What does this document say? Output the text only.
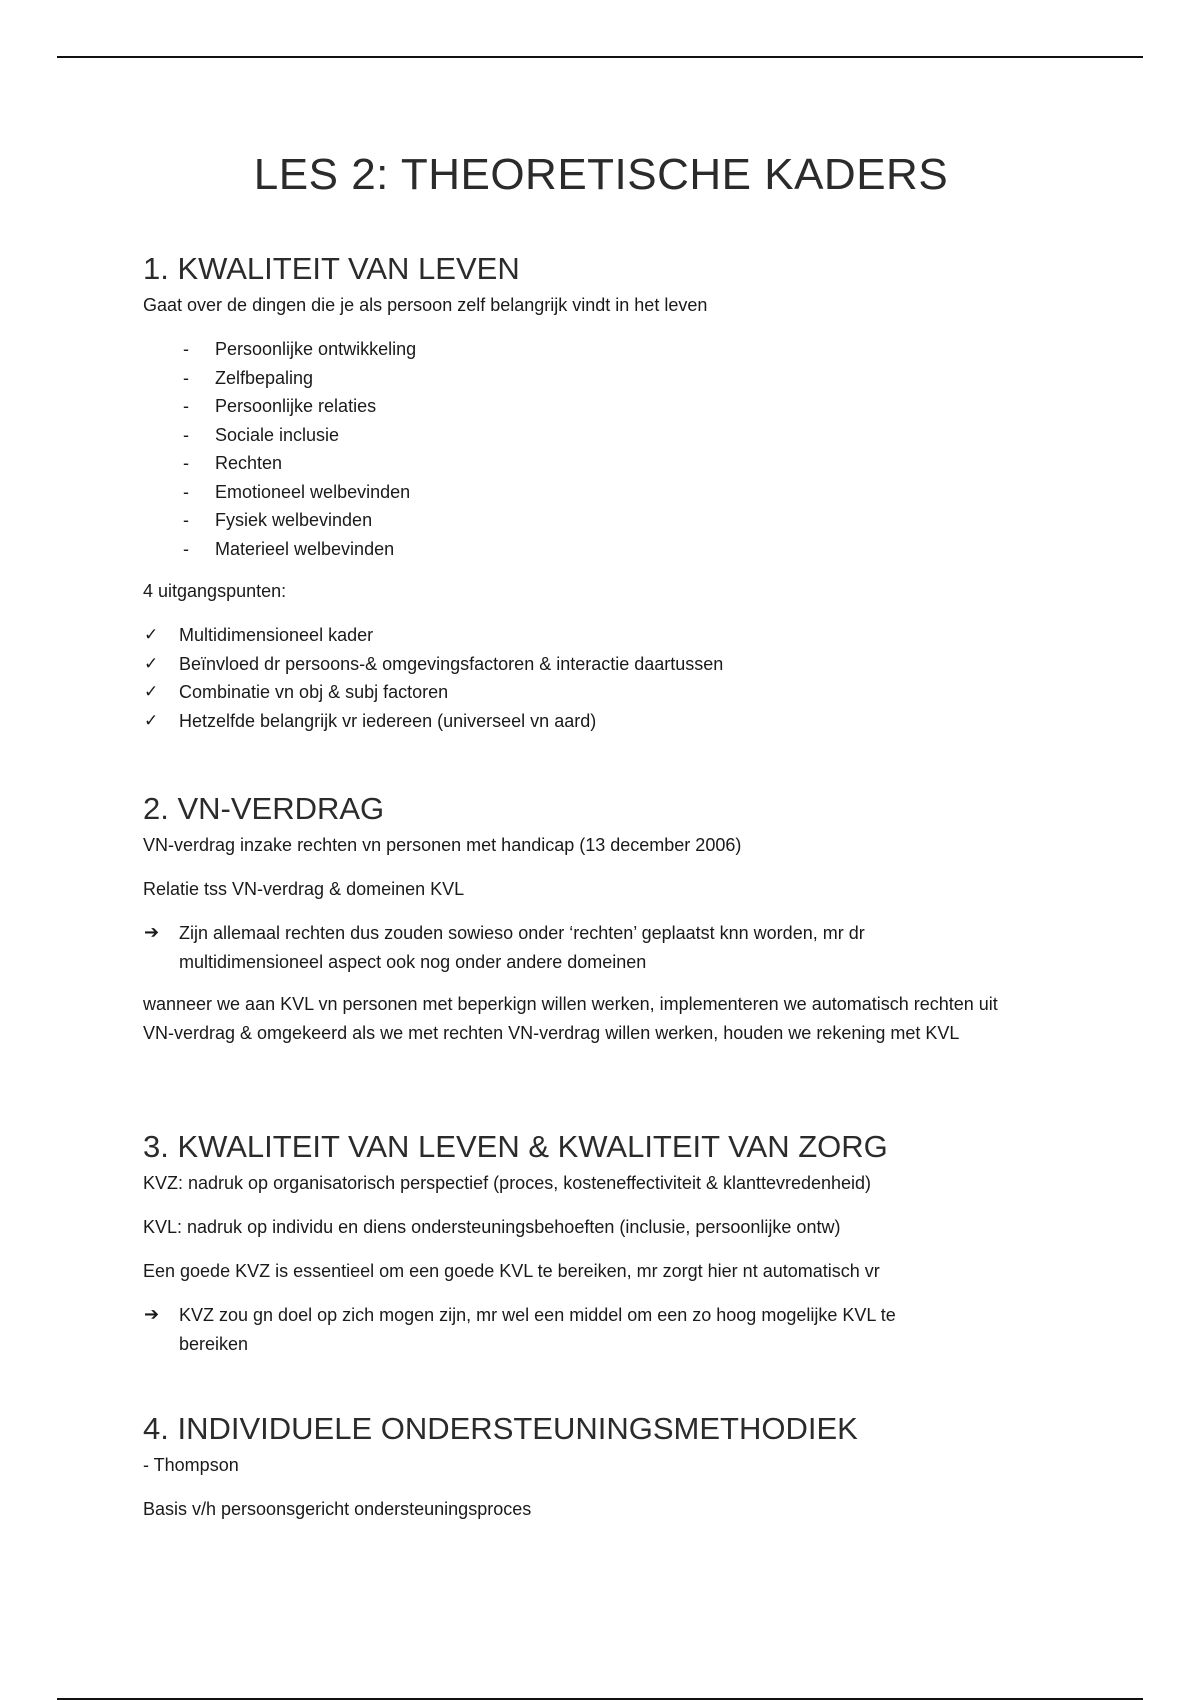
LES 2: THEORETISCHE KADERS
1. KWALITEIT VAN LEVEN

Gaat over de dingen die je als persoon zelf belangrijk vindt in het leven

- Persoonlijke ontwikkeling
- Zelfbepaling
- Persoonlijke relaties
- Sociale inclusie
- Rechten
- Emotioneel welbevinden
- Fysiek welbevinden
- Materieel welbevinden

4 uitgangspunten:

✓ Multidimensioneel kader
✓ Beïnvloed dr persoons-& omgevingsfactoren & interactie daartussen
✓ Combinatie vn obj & subj factoren
✓ Hetzelfde belangrijk vr iedereen (universeel vn aard)
2. VN-VERDRAG

VN-verdrag inzake rechten vn personen met handicap (13 december 2006)

Relatie tss VN-verdrag & domeinen KVL

➔ Zijn allemaal rechten dus zouden sowieso onder ‘rechten’ geplaatst knn worden, mr dr multidimensioneel aspect ook nog onder andere domeinen

wanneer we aan KVL vn personen met beperkign willen werken, implementeren we automatisch rechten uit VN-verdrag & omgekeerd als we met rechten VN-verdrag willen werken, houden we rekening met KVL

3. KWALITEIT VAN LEVEN & KWALITEIT VAN ZORG

KVZ: nadruk op organisatorisch perspectief (proces, kosteneffectiviteit & klanttevredenheid)

KVL: nadruk op individu en diens ondersteuningsbehoeften (inclusie, persoonlijke ontw)

Een goede KVZ is essentieel om een goede KVL te bereiken, mr zorgt hier nt automatisch vr

➔ KVZ zou gn doel op zich mogen zijn, mr wel een middel om een zo hoog mogelijke KVL te bereiken
4. INDIVIDUELE ONDERSTEUNINGSMETHODIEK

- Thompson

Basis v/h persoonsgericht ondersteuningsproces
